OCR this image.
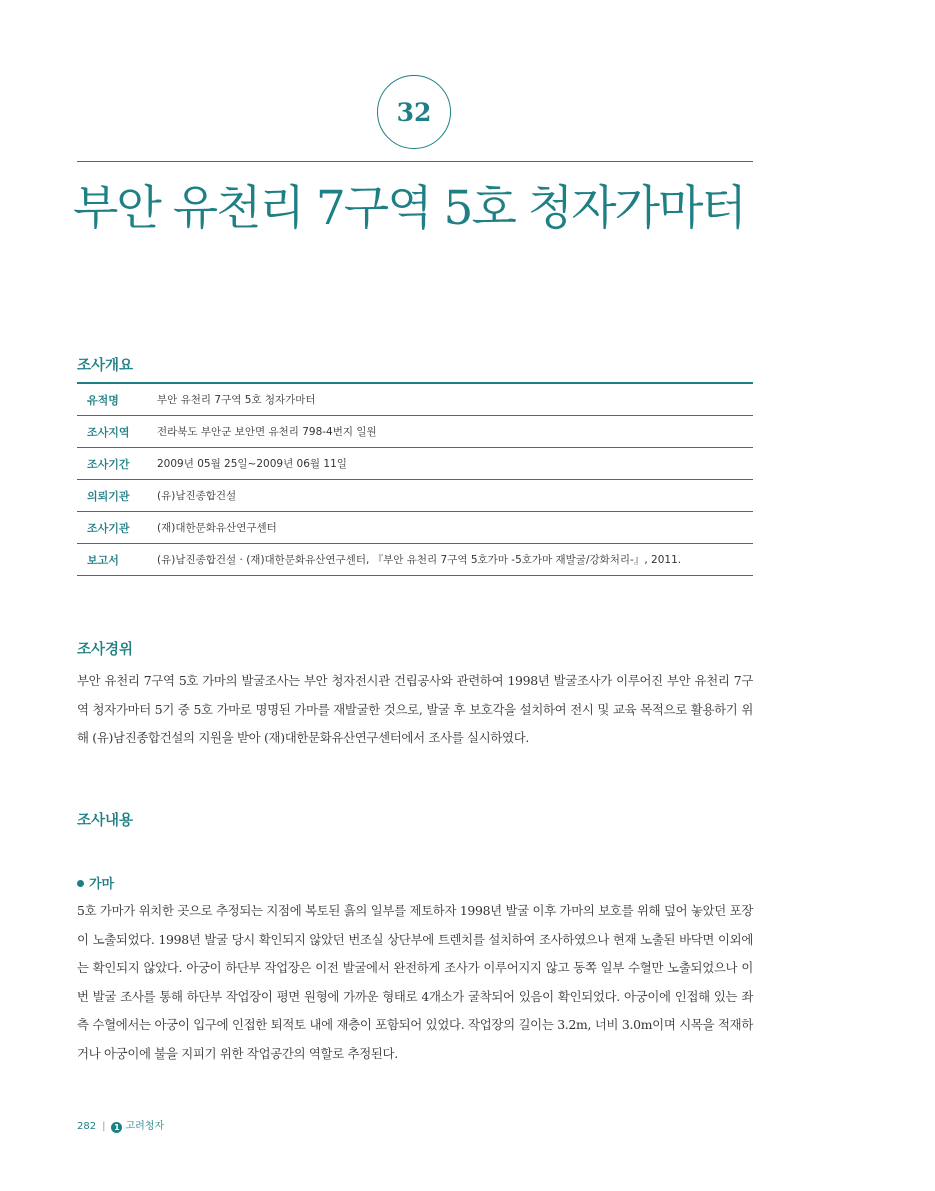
32
부안 유천리 7구역 5호 청자가마터
조사개요
유적명	부안 유천리 7구역 5호 청자가마터
조사지역	전라북도 부안군 보안면 유천리 798-4번지 일원
조사기간	2009년 05월 25일~2009년 06월 11일
의뢰기관	(유)남진종합건설
조사기관	(재)대한문화유산연구센터
보고서	(유)남진종합건설 · (재)대한문화유산연구센터, 『부안 유천리 7구역 5호가마 -5호가마 재발굴/강화처리-』, 2011.
조사경위

부안 유천리 7구역 5호 가마의 발굴조사는 부안 청자전시관 건립공사와 관련하여 1998년 발굴조사가 이루어진 부안 유천리 7구역 청자가마터 5기 중 5호 가마로 명명된 가마를 재발굴한 것으로, 발굴 후 보호각을 설치하여 전시 및 교육 목적으로 활용하기 위해 (유)남진종합건설의 지원을 받아 (재)대한문화유산연구센터에서 조사를 실시하였다.

조사내용
가마

5호 가마가 위치한 곳으로 추정되는 지점에 복토된 흙의 일부를 제토하자 1998년 발굴 이후 가마의 보호를 위해 덮어 놓았던 포장이 노출되었다. 1998년 발굴 당시 확인되지 않았던 번조실 상단부에 트렌치를 설치하여 조사하였으나 현재 노출된 바닥면 이외에는 확인되지 않았다. 아궁이 하단부 작업장은 이전 발굴에서 완전하게 조사가 이루어지지 않고 동쪽 일부 수혈만 노출되었으나 이번 발굴 조사를 통해 하단부 작업장이 평면 원형에 가까운 형태로 4개소가 굴착되어 있음이 확인되었다. 아궁이에 인접해 있는 좌측 수혈에서는 아궁이 입구에 인접한 퇴적토 내에 재층이 포함되어 있었다. 작업장의 길이는 3.2m, 너비 3.0m이며 시목을 적재하거나 아궁이에 불을 지피기 위한 작업공간의 역할로 추정된다.

282 | 1 고려청자
